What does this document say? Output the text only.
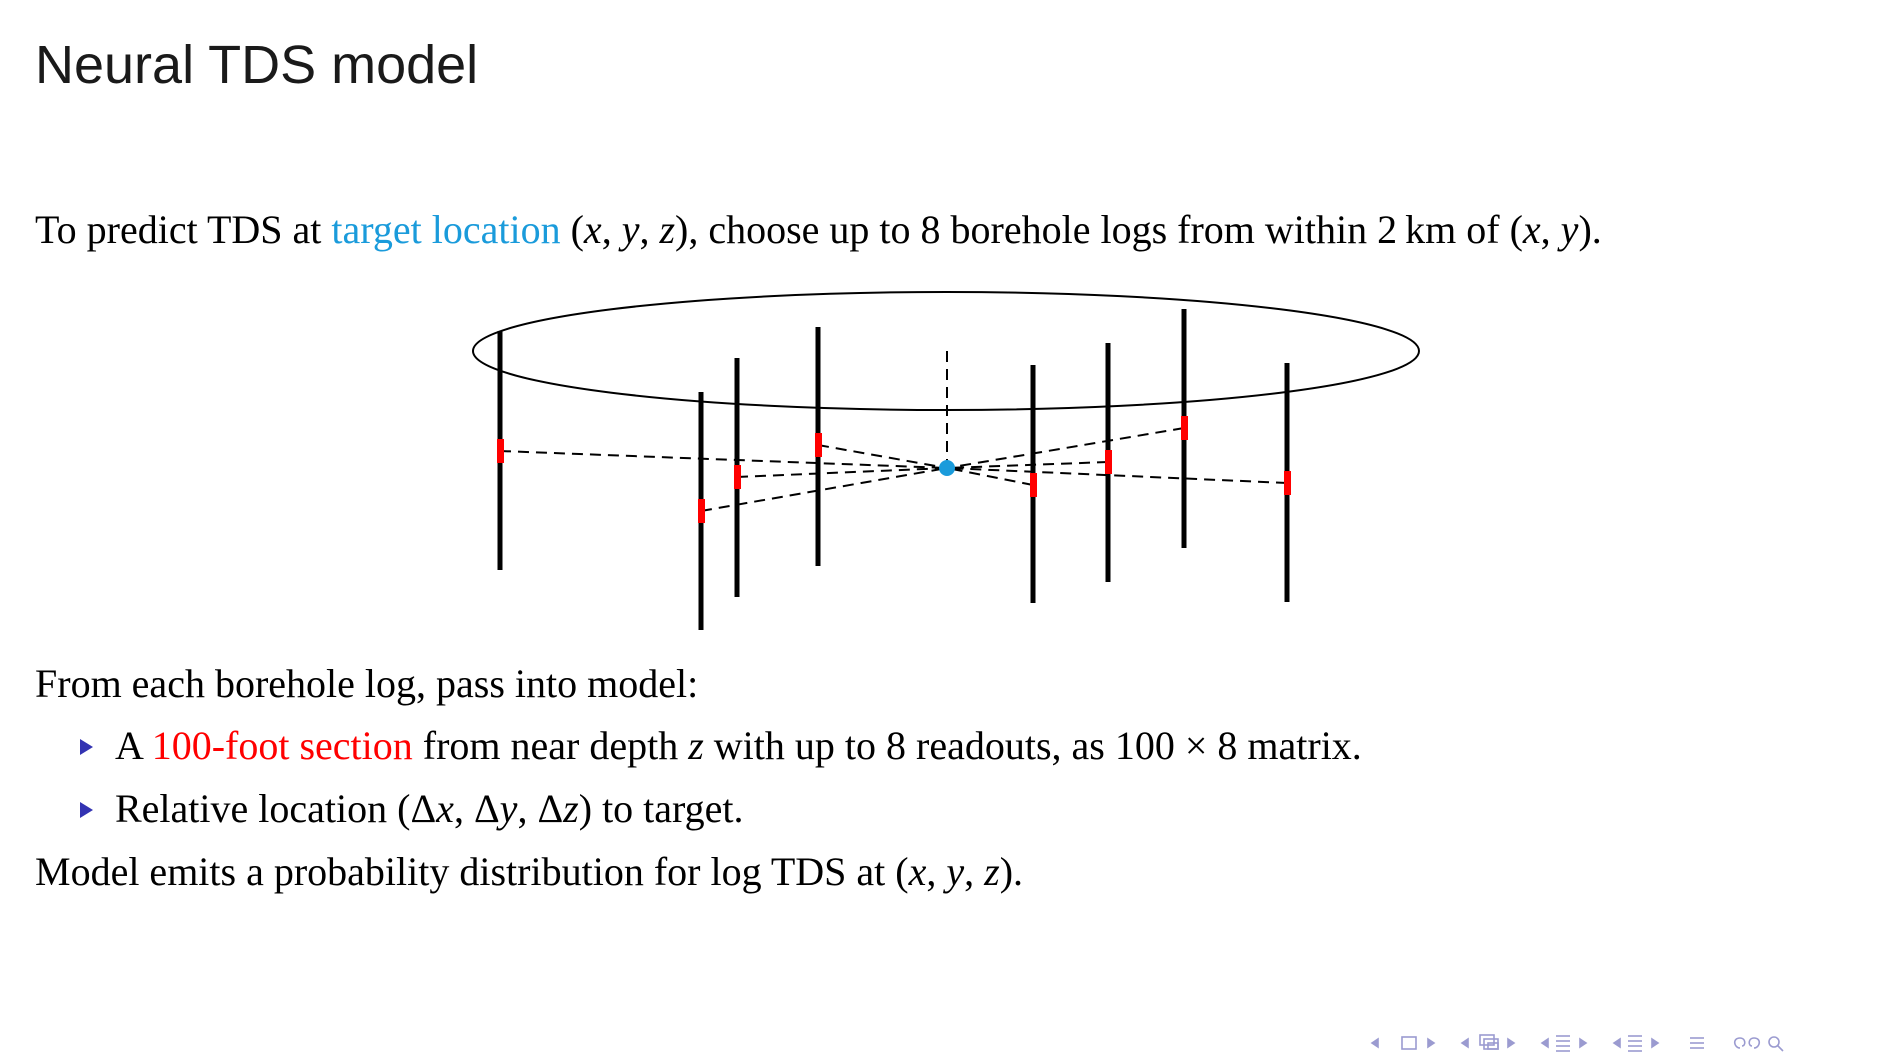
Neural TDS model
To predict TDS at target location (x, y, z), choose up to 8 borehole logs from within 2 km of (x, y).
From each borehole log, pass into model:
A 100-foot section from near depth z with up to 8 readouts, as 100 × 8 matrix.
Relative location (Δx, Δy, Δz) to target.
Model emits a probability distribution for log TDS at (x, y, z).
